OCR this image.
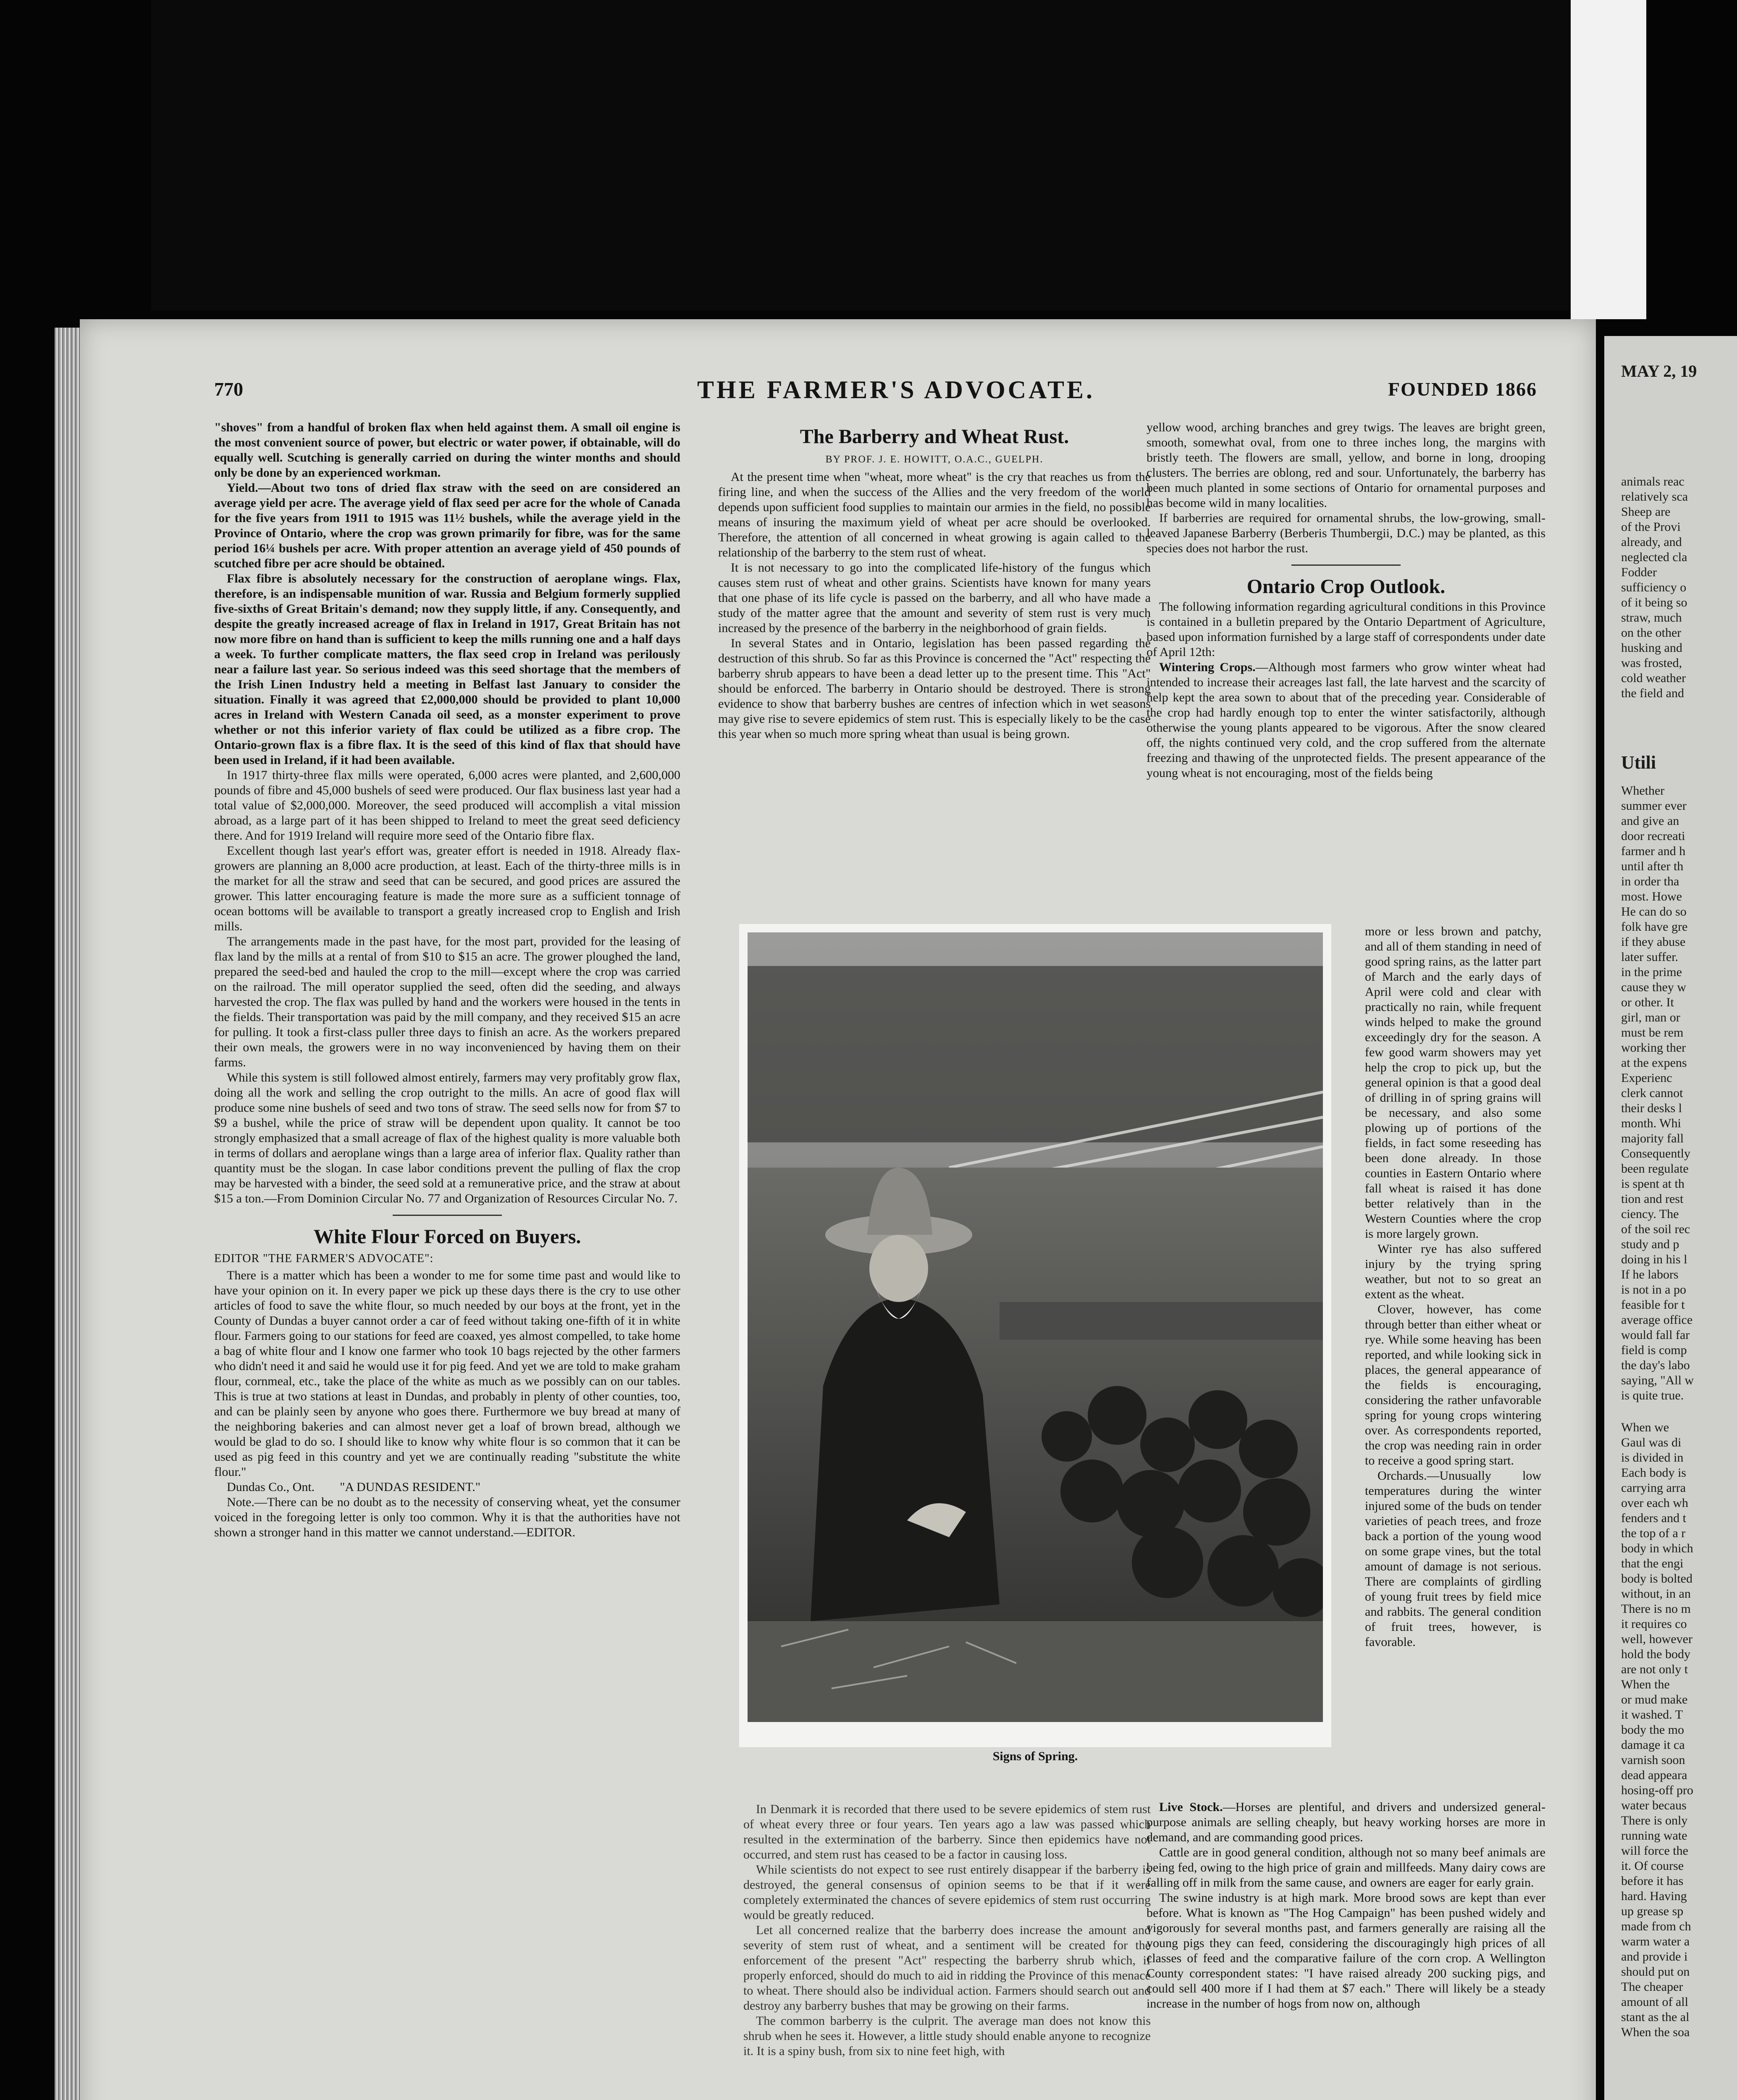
MAY 2, 19
animals reac
relatively sca
Sheep are
of the Provi
already, and
neglected cla
Fodder
sufficiency o
of it being so
straw, much
on the other
husking and
was frosted,
cold weather
the field and
Utili
Whether
summer ever
and give an
door recreati
farmer and h
until after th
in order tha
most. Howe
He can do so
folk have gre
if they abuse
later suffer.
in the prime
cause they w
or other. It
girl, man or
must be rem
working ther
at the expens
Experienc
clerk cannot
their desks l
month. Whi
majority fall
Consequently
been regulate
is spent at th
tion and rest
ciency. The
of the soil rec
study and p
doing in his l
If he labors
is not in a po
feasible for t
average office
would fall far
field is comp
the day's labo
saying, "All w
is quite true.
When we
Gaul was di
is divided in
Each body is
carrying arra
over each wh
fenders and t
the top of a r
body in which
that the engi
body is bolted
without, in an
There is no m
it requires co
well, however
hold the body
are not only t
When the
or mud make
it washed. T
body the mo
damage it ca
varnish soon
dead appeara
hosing-off pro
water becaus
There is only
running wate
will force the
it. Of course
before it has
hard. Having
up grease sp
made from ch
warm water a
and provide i
should put on
The cheaper
amount of all
stant as the al
When the soa
770	THE FARMER'S ADVOCATE.	FOUNDED 1866

"shoves" from a handful of broken flax when held against them. A small oil engine is the most convenient source of power, but electric or water power, if obtainable, will do equally well. Scutching is generally carried on during the winter months and should only be done by an experienced workman.

Yield.—About two tons of dried flax straw with the seed on are considered an average yield per acre. The average yield of flax seed per acre for the whole of Canada for the five years from 1911 to 1915 was 11½ bushels, while the average yield in the Province of Ontario, where the crop was grown primarily for fibre, was for the same period 16¼ bushels per acre. With proper attention an average yield of 450 pounds of scutched fibre per acre should be obtained.

Flax fibre is absolutely necessary for the construction of aeroplane wings. Flax, therefore, is an indispensable munition of war. Russia and Belgium formerly supplied five-sixths of Great Britain's demand; now they supply little, if any. Consequently, and despite the greatly increased acreage of flax in Ireland in 1917, Great Britain has not now more fibre on hand than is sufficient to keep the mills running one and a half days a week. To further complicate matters, the flax seed crop in Ireland was perilously near a failure last year. So serious indeed was this seed shortage that the members of the Irish Linen Industry held a meeting in Belfast last January to consider the situation. Finally it was agreed that £2,000,000 should be provided to plant 10,000 acres in Ireland with Western Canada oil seed, as a monster experiment to prove whether or not this inferior variety of flax could be utilized as a fibre crop. The Ontario-grown flax is a fibre flax. It is the seed of this kind of flax that should have been used in Ireland, if it had been available.

In 1917 thirty-three flax mills were operated, 6,000 acres were planted, and 2,600,000 pounds of fibre and 45,000 bushels of seed were produced. Our flax business last year had a total value of $2,000,000. Moreover, the seed produced will accomplish a vital mission abroad, as a large part of it has been shipped to Ireland to meet the great seed deficiency there. And for 1919 Ireland will require more seed of the Ontario fibre flax.

Excellent though last year's effort was, greater effort is needed in 1918. Already flax-growers are planning an 8,000 acre production, at least. Each of the thirty-three mills is in the market for all the straw and seed that can be secured, and good prices are assured the grower. This latter encouraging feature is made the more sure as a sufficient tonnage of ocean bottoms will be available to transport a greatly increased crop to English and Irish mills.

The arrangements made in the past have, for the most part, provided for the leasing of flax land by the mills at a rental of from $10 to $15 an acre. The grower ploughed the land, prepared the seed-bed and hauled the crop to the mill—except where the crop was carried on the railroad. The mill operator supplied the seed, often did the seeding, and always harvested the crop. The flax was pulled by hand and the workers were housed in the tents in the fields. Their transportation was paid by the mill company, and they received $15 an acre for pulling. It took a first-class puller three days to finish an acre. As the workers prepared their own meals, the growers were in no way inconvenienced by having them on their farms.

While this system is still followed almost entirely, farmers may very profitably grow flax, doing all the work and selling the crop outright to the mills. An acre of good flax will produce some nine bushels of seed and two tons of straw. The seed sells now for from $7 to $9 a bushel, while the price of straw will be dependent upon quality. It cannot be too strongly emphasized that a small acreage of flax of the highest quality is more valuable both in terms of dollars and aeroplane wings than a large area of inferior flax. Quality rather than quantity must be the slogan. In case labor conditions prevent the pulling of flax the crop may be harvested with a binder, the seed sold at a remunerative price, and the straw at about $15 a ton.—From Dominion Circular No. 77 and Organization of Resources Circular No. 7.

White Flour Forced on Buyers.
EDITOR "THE FARMER'S ADVOCATE":

There is a matter which has been a wonder to me for some time past and would like to have your opinion on it. In every paper we pick up these days there is the cry to use other articles of food to save the white flour, so much needed by our boys at the front, yet in the County of Dundas a buyer cannot order a car of feed without taking one-fifth of it in white flour. Farmers going to our stations for feed are coaxed, yes almost compelled, to take home a bag of white flour and I know one farmer who took 10 bags rejected by the other farmers who didn't need it and said he would use it for pig feed. And yet we are told to make graham flour, cornmeal, etc., take the place of the white as much as we possibly can on our tables. This is true at two stations at least in Dundas, and probably in plenty of other counties, too, and can be plainly seen by anyone who goes there. Furthermore we buy bread at many of the neighboring bakeries and can almost never get a loaf of brown bread, although we would be glad to do so. I should like to know why white flour is so common that it can be used as pig feed in this country and yet we are continually reading "substitute the white flour."

Dundas Co., Ont. "A DUNDAS RESIDENT."

Note.—There can be no doubt as to the necessity of conserving wheat, yet the consumer voiced in the foregoing letter is only too common. Why it is that the authorities have not shown a stronger hand in this matter we cannot understand.—EDITOR.

The Barberry and Wheat Rust.
BY PROF. J. E. HOWITT, O.A.C., GUELPH.

At the present time when "wheat, more wheat" is the cry that reaches us from the firing line, and when the success of the Allies and the very freedom of the world depends upon sufficient food supplies to maintain our armies in the field, no possible means of insuring the maximum yield of wheat per acre should be overlooked. Therefore, the attention of all concerned in wheat growing is again called to the relationship of the barberry to the stem rust of wheat.

It is not necessary to go into the complicated life-history of the fungus which causes stem rust of wheat and other grains. Scientists have known for many years that one phase of its life cycle is passed on the barberry, and all who have made a study of the matter agree that the amount and severity of stem rust is very much increased by the presence of the barberry in the neighborhood of grain fields.

In several States and in Ontario, legislation has been passed regarding the destruction of this shrub. So far as this Province is concerned the "Act" respecting the barberry shrub appears to have been a dead letter up to the present time. This "Act" should be enforced. The barberry in Ontario should be destroyed. There is strong evidence to show that barberry bushes are centres of infection which in wet seasons may give rise to severe epidemics of stem rust. This is especially likely to be the case this year when so much more spring wheat than usual is being grown.

Signs of Spring.

In Denmark it is recorded that there used to be severe epidemics of stem rust of wheat every three or four years. Ten years ago a law was passed which resulted in the extermination of the barberry. Since then epidemics have not occurred, and stem rust has ceased to be a factor in causing loss.

While scientists do not expect to see rust entirely disappear if the barberry is destroyed, the general consensus of opinion seems to be that if it were completely exterminated the chances of severe epidemics of stem rust occurring would be greatly reduced.

Let all concerned realize that the barberry does increase the amount and severity of stem rust of wheat, and a sentiment will be created for the enforcement of the present "Act" respecting the barberry shrub which, if properly enforced, should do much to aid in ridding the Province of this menace to wheat. There should also be individual action. Farmers should search out and destroy any barberry bushes that may be growing on their farms.

The common barberry is the culprit. The average man does not know this shrub when he sees it. However, a little study should enable anyone to recognize it. It is a spiny bush, from six to nine feet high, with

yellow wood, arching branches and grey twigs. The leaves are bright green, smooth, somewhat oval, from one to three inches long, the margins with bristly teeth. The flowers are small, yellow, and borne in long, drooping clusters. The berries are oblong, red and sour. Unfortunately, the barberry has been much planted in some sections of Ontario for ornamental purposes and has become wild in many localities.

If barberries are required for ornamental shrubs, the low-growing, small-leaved Japanese Barberry (Berberis Thumbergii, D.C.) may be planted, as this species does not harbor the rust.

Ontario Crop Outlook.

The following information regarding agricultural conditions in this Province is contained in a bulletin prepared by the Ontario Department of Agriculture, based upon information furnished by a large staff of correspondents under date of April 12th:

Wintering Crops.—Although most farmers who grow winter wheat had intended to increase their acreages last fall, the late harvest and the scarcity of help kept the area sown to about that of the preceding year. Considerable of the crop had hardly enough top to enter the winter satisfactorily, although otherwise the young plants appeared to be vigorous. After the snow cleared off, the nights continued very cold, and the crop suffered from the alternate freezing and thawing of the unprotected fields. The present appearance of the young wheat is not encouraging, most of the fields being

more or less brown and patchy, and all of them standing in need of good spring rains, as the latter part of March and the early days of April were cold and clear with practically no rain, while frequent winds helped to make the ground exceedingly dry for the season. A few good warm showers may yet help the crop to pick up, but the general opinion is that a good deal of drilling in of spring grains will be necessary, and also some plowing up of portions of the fields, in fact some reseeding has been done already. In those counties in Eastern Ontario where fall wheat is raised it has done better relatively than in the Western Counties where the crop is more largely grown.

Winter rye has also suffered injury by the trying spring weather, but not to so great an extent as the wheat.

Clover, however, has come through better than either wheat or rye. While some heaving has been reported, and while looking sick in places, the general appearance of the fields is encouraging, considering the rather unfavorable spring for young crops wintering over. As correspondents reported, the crop was needing rain in order to receive a good spring start.

Orchards.—Unusually low temperatures during the winter injured some of the buds on tender varieties of peach trees, and froze back a portion of the young wood on some grape vines, but the total amount of damage is not serious. There are complaints of girdling of young fruit trees by field mice and rabbits. The general condition of fruit trees, however, is favorable.

Live Stock.—Horses are plentiful, and drivers and undersized general-purpose animals are selling cheaply, but heavy working horses are more in demand, and are commanding good prices.

Cattle are in good general condition, although not so many beef animals are being fed, owing to the high price of grain and millfeeds. Many dairy cows are falling off in milk from the same cause, and owners are eager for early grain.

The swine industry is at high mark. More brood sows are kept than ever before. What is known as "The Hog Campaign" has been pushed widely and vigorously for several months past, and farmers generally are raising all the young pigs they can feed, considering the discouragingly high prices of all classes of feed and the comparative failure of the corn crop. A Wellington County correspondent states: "I have raised already 200 sucking pigs, and could sell 400 more if I had them at $7 each." There will likely be a steady increase in the number of hogs from now on, although
